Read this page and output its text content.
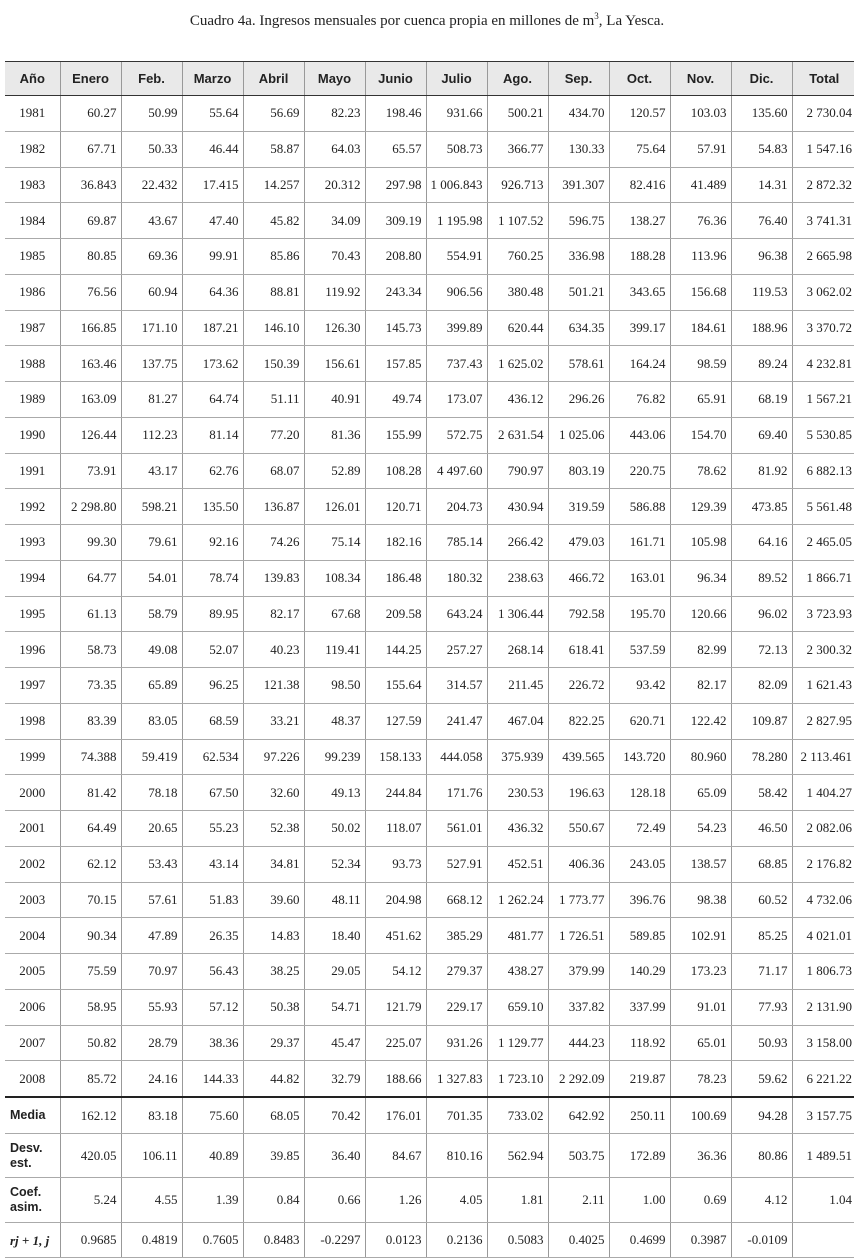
Cuadro 4a. Ingresos mensuales por cuenca propia en millones de $m^3$, La Yesca.
Año	Enero	Feb.	Marzo	Abril	Mayo	Junio	Julio	Ago.	Sep.	Oct.	Nov.	Dic.	Total
1981	60.27	50.99	55.64	56.69	82.23	198.46	931.66	500.21	434.70	120.57	103.03	135.60	2 730.04
1982	67.71	50.33	46.44	58.87	64.03	65.57	508.73	366.77	130.33	75.64	57.91	54.83	1 547.16
1983	36.843	22.432	17.415	14.257	20.312	297.98	1 006.843	926.713	391.307	82.416	41.489	14.31	2 872.32
1984	69.87	43.67	47.40	45.82	34.09	309.19	1 195.98	1 107.52	596.75	138.27	76.36	76.40	3 741.31
1985	80.85	69.36	99.91	85.86	70.43	208.80	554.91	760.25	336.98	188.28	113.96	96.38	2 665.98
1986	76.56	60.94	64.36	88.81	119.92	243.34	906.56	380.48	501.21	343.65	156.68	119.53	3 062.02
1987	166.85	171.10	187.21	146.10	126.30	145.73	399.89	620.44	634.35	399.17	184.61	188.96	3 370.72
1988	163.46	137.75	173.62	150.39	156.61	157.85	737.43	1 625.02	578.61	164.24	98.59	89.24	4 232.81
1989	163.09	81.27	64.74	51.11	40.91	49.74	173.07	436.12	296.26	76.82	65.91	68.19	1 567.21
1990	126.44	112.23	81.14	77.20	81.36	155.99	572.75	2 631.54	1 025.06	443.06	154.70	69.40	5 530.85
1991	73.91	43.17	62.76	68.07	52.89	108.28	4 497.60	790.97	803.19	220.75	78.62	81.92	6 882.13
1992	2 298.80	598.21	135.50	136.87	126.01	120.71	204.73	430.94	319.59	586.88	129.39	473.85	5 561.48
1993	99.30	79.61	92.16	74.26	75.14	182.16	785.14	266.42	479.03	161.71	105.98	64.16	2 465.05
1994	64.77	54.01	78.74	139.83	108.34	186.48	180.32	238.63	466.72	163.01	96.34	89.52	1 866.71
1995	61.13	58.79	89.95	82.17	67.68	209.58	643.24	1 306.44	792.58	195.70	120.66	96.02	3 723.93
1996	58.73	49.08	52.07	40.23	119.41	144.25	257.27	268.14	618.41	537.59	82.99	72.13	2 300.32
1997	73.35	65.89	96.25	121.38	98.50	155.64	314.57	211.45	226.72	93.42	82.17	82.09	1 621.43
1998	83.39	83.05	68.59	33.21	48.37	127.59	241.47	467.04	822.25	620.71	122.42	109.87	2 827.95
1999	74.388	59.419	62.534	97.226	99.239	158.133	444.058	375.939	439.565	143.720	80.960	78.280	2 113.461
2000	81.42	78.18	67.50	32.60	49.13	244.84	171.76	230.53	196.63	128.18	65.09	58.42	1 404.27
2001	64.49	20.65	55.23	52.38	50.02	118.07	561.01	436.32	550.67	72.49	54.23	46.50	2 082.06
2002	62.12	53.43	43.14	34.81	52.34	93.73	527.91	452.51	406.36	243.05	138.57	68.85	2 176.82
2003	70.15	57.61	51.83	39.60	48.11	204.98	668.12	1 262.24	1 773.77	396.76	98.38	60.52	4 732.06
2004	90.34	47.89	26.35	14.83	18.40	451.62	385.29	481.77	1 726.51	589.85	102.91	85.25	4 021.01
2005	75.59	70.97	56.43	38.25	29.05	54.12	279.37	438.27	379.99	140.29	173.23	71.17	1 806.73
2006	58.95	55.93	57.12	50.38	54.71	121.79	229.17	659.10	337.82	337.99	91.01	77.93	2 131.90
2007	50.82	28.79	38.36	29.37	45.47	225.07	931.26	1 129.77	444.23	118.92	65.01	50.93	3 158.00
2008	85.72	24.16	144.33	44.82	32.79	188.66	1 327.83	1 723.10	2 292.09	219.87	78.23	59.62	6 221.22
Media	162.12	83.18	75.60	68.05	70.42	176.01	701.35	733.02	642.92	250.11	100.69	94.28	3 157.75
Desv.
est.	420.05	106.11	40.89	39.85	36.40	84.67	810.16	562.94	503.75	172.89	36.36	80.86	1 489.51
Coef.
asim.	5.24	4.55	1.39	0.84	0.66	1.26	4.05	1.81	2.11	1.00	0.69	4.12	1.04
rj + 1, j	0.9685	0.4819	0.7605	0.8483	-0.2297	0.0123	0.2136	0.5083	0.4025	0.4699	0.3987	-0.0109	
